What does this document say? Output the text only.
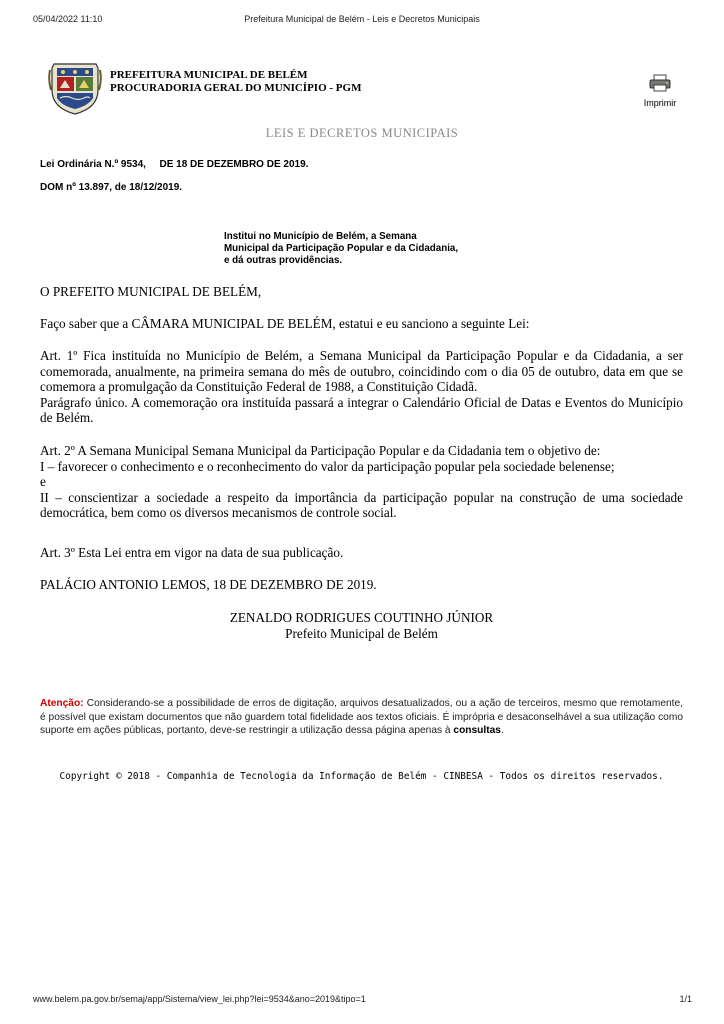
05/04/2022 11:10	Prefeitura Municipal de Belém - Leis e Decretos Municipais
PREFEITURA MUNICIPAL DE BELÉM
PROCURADORIA GERAL DO MUNICÍPIO - PGM
Imprimir
LEIS E DECRETOS MUNICIPAIS
Lei Ordinária N.º 9534, DE 18 DE DEZEMBRO DE 2019.
DOM nº 13.897, de 18/12/2019.
Institui no Município de Belém, a Semana
Municipal da Participação Popular e da Cidadania,
e dá outras providências.
O PREFEITO MUNICIPAL DE BELÉM,
Faço saber que a CÂMARA MUNICIPAL DE BELÉM, estatui e eu sanciono a seguinte Lei:
Art. 1º Fica instituída no Município de Belém, a Semana Municipal da Participação Popular e da Cidadania, a ser comemorada, anualmente, na primeira semana do mês de outubro, coincidindo com o dia 05 de outubro, data em que se comemora a promulgação da Constituição Federal de 1988, a Constituição Cidadã.
Parágrafo único. A comemoração ora instituída passará a integrar o Calendário Oficial de Datas e Eventos do Município de Belém.
Art. 2º A Semana Municipal Semana Municipal da Participação Popular e da Cidadania tem o objetivo de:
I – favorecer o conhecimento e o reconhecimento do valor da participação popular pela sociedade belenense;
e
II – conscientizar a sociedade a respeito da importância da participação popular na construção de uma sociedade democrática, bem como os diversos mecanismos de controle social.
Art. 3º Esta Lei entra em vigor na data de sua publicação.
PALÁCIO ANTONIO LEMOS, 18 DE DEZEMBRO DE 2019.
ZENALDO RODRIGUES COUTINHO JÚNIOR
Prefeito Municipal de Belém
Atenção: Considerando-se a possibilidade de erros de digitação, arquivos desatualizados, ou a ação de terceiros, mesmo que remotamente, é possível que existam documentos que não guardem total fidelidade aos textos oficiais. É imprópria e desaconselhável a sua utilização como suporte em ações públicas, portanto, deve-se restringir a utilização dessa página apenas à consultas.
Copyright © 2018 - Companhia de Tecnologia da Informação de Belém - CINBESA - Todos os direitos reservados.
www.belem.pa.gov.br/semaj/app/Sistema/view_lei.php?lei=9534&ano=2019&tipo=1	1/1
